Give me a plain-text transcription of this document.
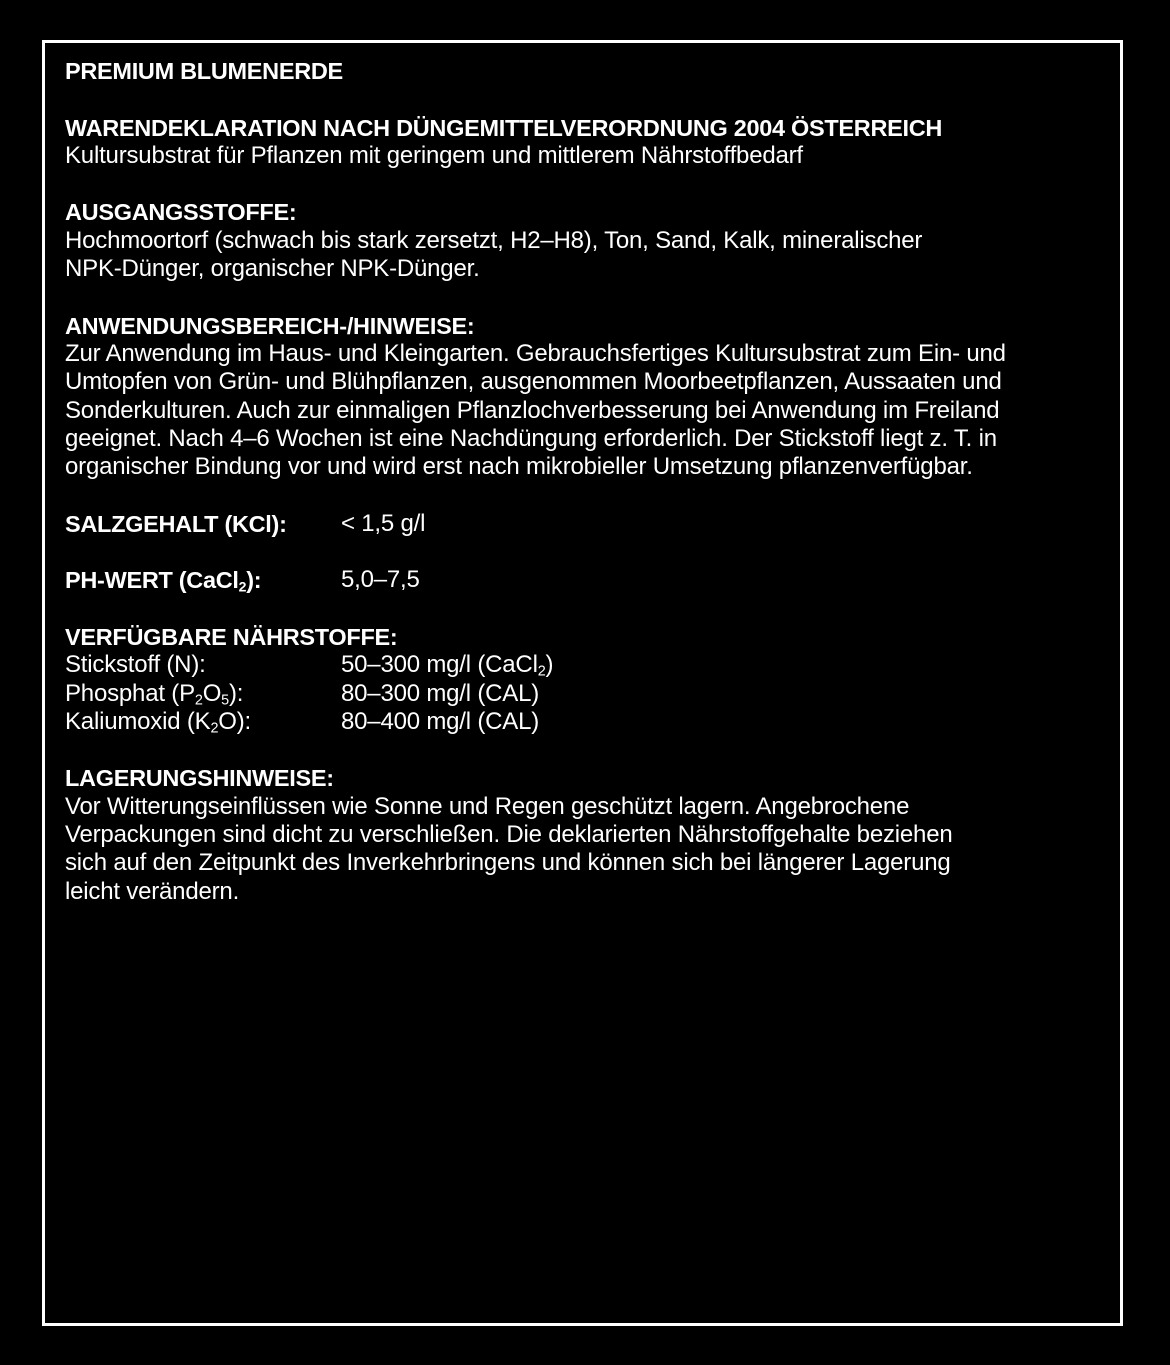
PREMIUM BLUMENERDE

WARENDEKLARATION NACH DÜNGEMITTELVERORDNUNG 2004 ÖSTERREICH

Kultursubstrat für Pflanzen mit geringem und mittlerem Nährstoffbedarf

AUSGANGSSTOFFE:

Hochmoortorf (schwach bis stark zersetzt, H2–H8), Ton, Sand, Kalk, mineralischer

NPK-Dünger, organischer NPK-Dünger.

ANWENDUNGSBEREICH-/HINWEISE:

Zur Anwendung im Haus- und Kleingarten. Gebrauchsfertiges Kultursubstrat zum Ein- und

Umtopfen von Grün- und Blühpflanzen, ausgenommen Moorbeetpflanzen, Aussaaten und

Sonderkulturen. Auch zur einmaligen Pflanzlochverbesserung bei Anwendung im Freiland

geeignet. Nach 4–6 Wochen ist eine Nachdüngung erforderlich. Der Stickstoff liegt z. T. in

organischer Bindung vor und wird erst nach mikrobieller Umsetzung pflanzenverfügbar.

SALZGEHALT (KCl):	< 1,5 g/l
PH-WERT (CaCl$_2$):	5,0–7,5

VERFÜGBARE NÄHRSTOFFE:

Stickstoff (N):	50–300 mg/l (CaCl$_2$)
Phosphat $(P_2O_5)$:	80–300 mg/l (CAL)
Kaliumoxid $(K_2O)$:	80–400 mg/l (CAL)

LAGERUNGSHINWEISE:

Vor Witterungseinflüssen wie Sonne und Regen geschützt lagern. Angebrochene

Verpackungen sind dicht zu verschließen. Die deklarierten Nährstoffgehalte beziehen

sich auf den Zeitpunkt des Inverkehrbringens und können sich bei längerer Lagerung

leicht verändern.
